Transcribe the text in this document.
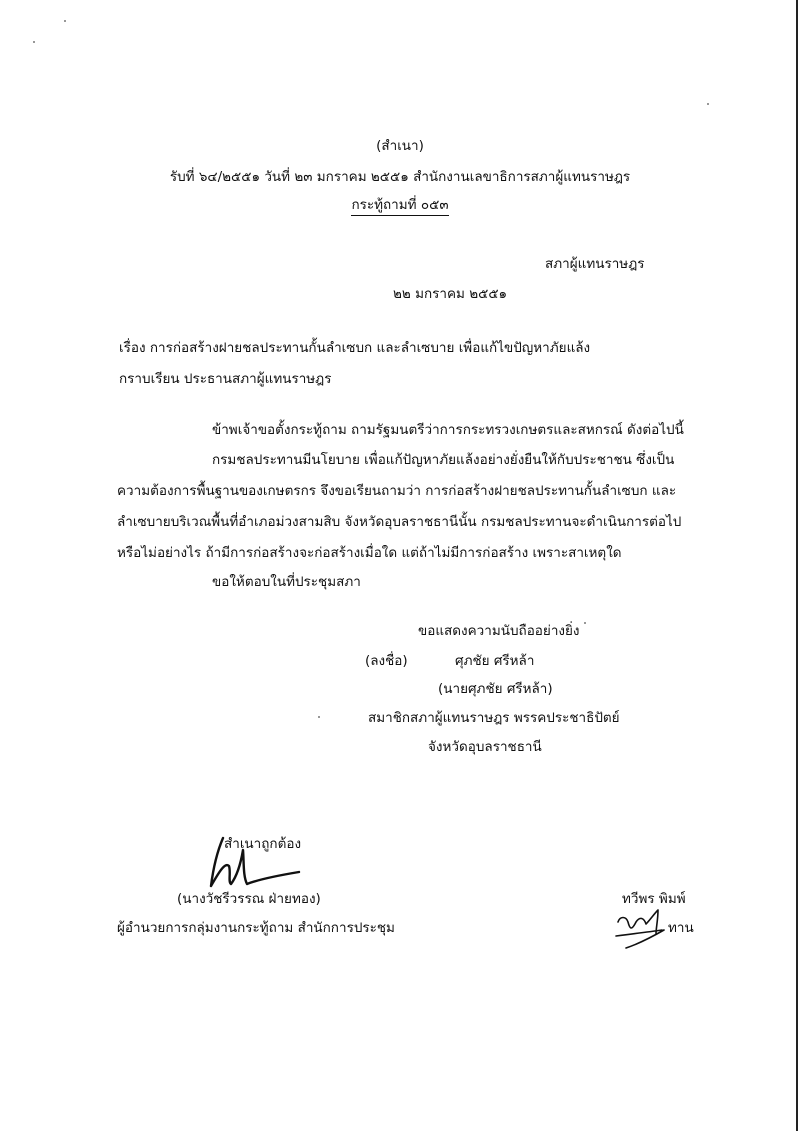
(สำเนา)
รับที่ ๖๔/๒๕๕๑ วันที่ ๒๓ มกราคม ๒๕๕๑ สำนักงานเลขาธิการสภาผู้แทนราษฎร
กระทู้ถามที่ ๐๕๓
สภาผู้แทนราษฎร
๒๒ มกราคม ๒๕๕๑
เรื่อง การก่อสร้างฝายชลประทานกั้นลำเซบก และลำเซบาย เพื่อแก้ไขปัญหาภัยแล้ง
กราบเรียน ประธานสภาผู้แทนราษฎร
ข้าพเจ้าขอตั้งกระทู้ถาม ถามรัฐมนตรีว่าการกระทรวงเกษตรและสหกรณ์ ดังต่อไปนี้
กรมชลประทานมีนโยบาย เพื่อแก้ปัญหาภัยแล้งอย่างยั่งยืนให้กับประชาชน ซึ่งเป็น
ความต้องการพื้นฐานของเกษตรกร จึงขอเรียนถามว่า การก่อสร้างฝายชลประทานกั้นลำเซบก และ
ลำเซบายบริเวณพื้นที่อำเภอม่วงสามสิบ จังหวัดอุบลราชธานีนั้น กรมชลประทานจะดำเนินการต่อไป
หรือไม่อย่างไร ถ้ามีการก่อสร้างจะก่อสร้างเมื่อใด แต่ถ้าไม่มีการก่อสร้าง เพราะสาเหตุใด
ขอให้ตอบในที่ประชุมสภา
ขอแสดงความนับถืออย่างยิ่ง
(ลงชื่อ)	ศุภชัย ศรีหล้า
(นายศุภชัย ศรีหล้า)
สมาชิกสภาผู้แทนราษฎร พรรคประชาธิปัตย์
จังหวัดอุบลราชธานี
สำเนาถูกต้อง
(นางวัชรีวรรณ ฝ่ายทอง)
ผู้อำนวยการกลุ่มงานกระทู้ถาม สำนักการประชุม
ทวีพร พิมพ์
ทาน
